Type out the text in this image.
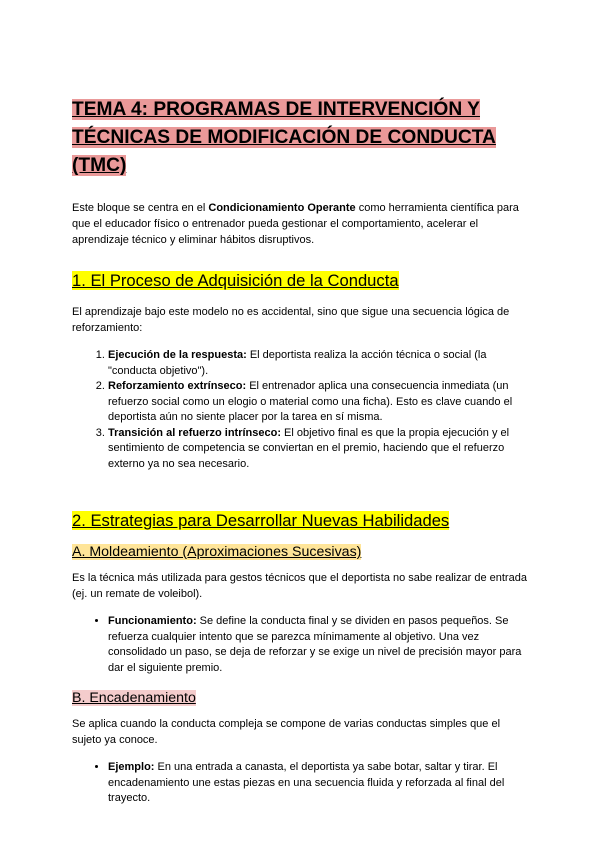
TEMA 4: PROGRAMAS DE INTERVENCIÓN Y TÉCNICAS DE MODIFICACIÓN DE CONDUCTA (TMC)

Este bloque se centra en el Condicionamiento Operante como herramienta científica para que el educador físico o entrenador pueda gestionar el comportamiento, acelerar el aprendizaje técnico y eliminar hábitos disruptivos.

1. El Proceso de Adquisición de la Conducta

El aprendizaje bajo este modelo no es accidental, sino que sigue una secuencia lógica de reforzamiento:

1. Ejecución de la respuesta: El deportista realiza la acción técnica o social (la "conducta objetivo").
2. Reforzamiento extrínseco: El entrenador aplica una consecuencia inmediata (un refuerzo social como un elogio o material como una ficha). Esto es clave cuando el deportista aún no siente placer por la tarea en sí misma.
3. Transición al refuerzo intrínseco: El objetivo final es que la propia ejecución y el sentimiento de competencia se conviertan en el premio, haciendo que el refuerzo externo ya no sea necesario.
2. Estrategias para Desarrollar Nuevas Habilidades
A. Moldeamiento (Aproximaciones Sucesivas)

Es la técnica más utilizada para gestos técnicos que el deportista no sabe realizar de entrada (ej. un remate de voleibol).

• Funcionamiento: Se define la conducta final y se dividen en pasos pequeños. Se refuerza cualquier intento que se parezca mínimamente al objetivo. Una vez consolidado un paso, se deja de reforzar y se exige un nivel de precisión mayor para dar el siguiente premio.
B. Encadenamiento

Se aplica cuando la conducta compleja se compone de varias conductas simples que el sujeto ya conoce.

• Ejemplo: En una entrada a canasta, el deportista ya sabe botar, saltar y tirar. El encadenamiento une estas piezas en una secuencia fluida y reforzada al final del trayecto.
